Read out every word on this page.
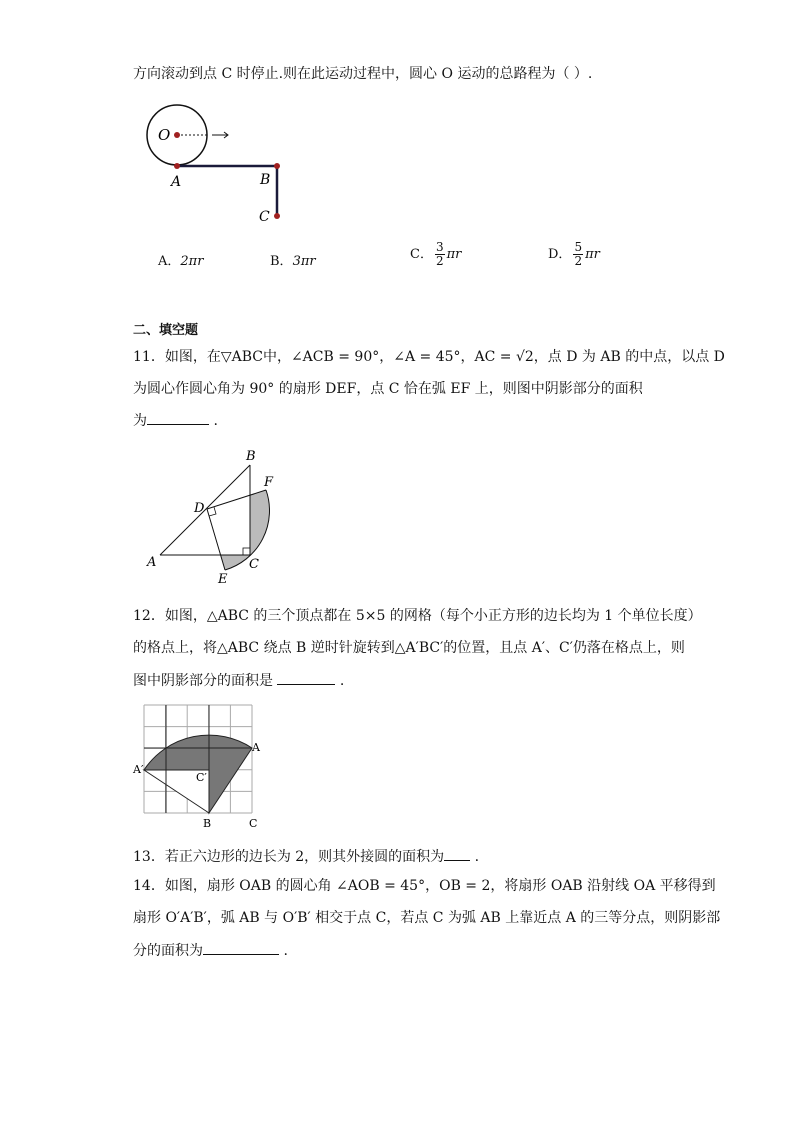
方向滚动到点 C 时停止.则在此运动过程中，圆心 O 运动的总路程为（ ）.
O
A	B
C
A
B
C
D
E
F
A
A′
B	C
C′
A．2πr	B．3πr	C． $\frac{3}{2}$ πr	D． $\frac{5}{2}$ πr
二、填空题
11．如图，在▽ABC中，∠ACB = 90°，∠A = 45°，AC = √2，点 D 为 AB 的中点，以点 D
为圆心作圆心角为 90° 的扇形 DEF，点 C 恰在弧 EF 上，则图中阴影部分的面积
为	.
12．如图，△ABC 的三个顶点都在 5×5 的网格（每个小正方形的边长均为 1 个单位长度）
的格点上，将△ABC 绕点 B 逆时针旋转到△A′BC′的位置，且点 A′、C′仍落在格点上，则
图中阴影部分的面积是	.
13．若正六边形的边长为 2，则其外接圆的面积为 .
14．如图，扇形 OAB 的圆心角 ∠AOB = 45°，OB = 2，将扇形 OAB 沿射线 OA 平移得到
扇形 O′A′B′，弧 AB 与 O′B′ 相交于点 C，若点 C 为弧 AB 上靠近点 A 的三等分点，则阴影部
分的面积为	.
